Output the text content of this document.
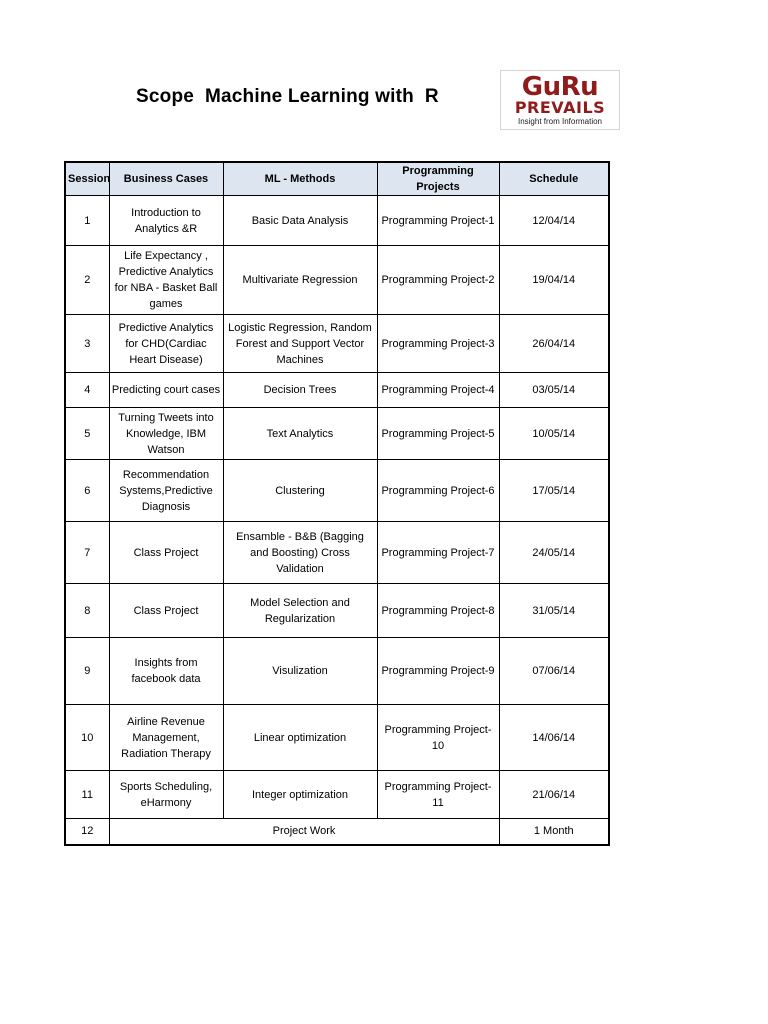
Scope  Machine Learning with  R	GuRu
PREVAILS
Insight from Information
Session	Business Cases	ML - Methods	Programming Projects	Schedule
1	Introduction to Analytics &R	Basic Data Analysis	Programming Project-1	12/04/14
2	Life Expectancy , Predictive Analytics for NBA - Basket Ball games	Multivariate Regression	Programming Project-2	19/04/14
3	Predictive Analytics for CHD(Cardiac Heart Disease)	Logistic Regression, Random Forest and Support Vector Machines	Programming Project-3	26/04/14
4	Predicting court cases	Decision Trees	Programming Project-4	03/05/14
5	Turning Tweets into Knowledge, IBM Watson	Text Analytics	Programming Project-5	10/05/14
6	Recommendation Systems,Predictive Diagnosis	Clustering	Programming Project-6	17/05/14
7	Class Project	Ensamble - B&B (Bagging and Boosting) Cross Validation	Programming Project-7	24/05/14
8	Class Project	Model Selection and Regularization	Programming Project-8	31/05/14
9	Insights from facebook data	Visulization	Programming Project-9	07/06/14
10	Airline Revenue Management, Radiation Therapy	Linear optimization	Programming Project-10	14/06/14
11	Sports Scheduling, eHarmony	Integer optimization	Programming Project-11	21/06/14
12	Project Work			1 Month
